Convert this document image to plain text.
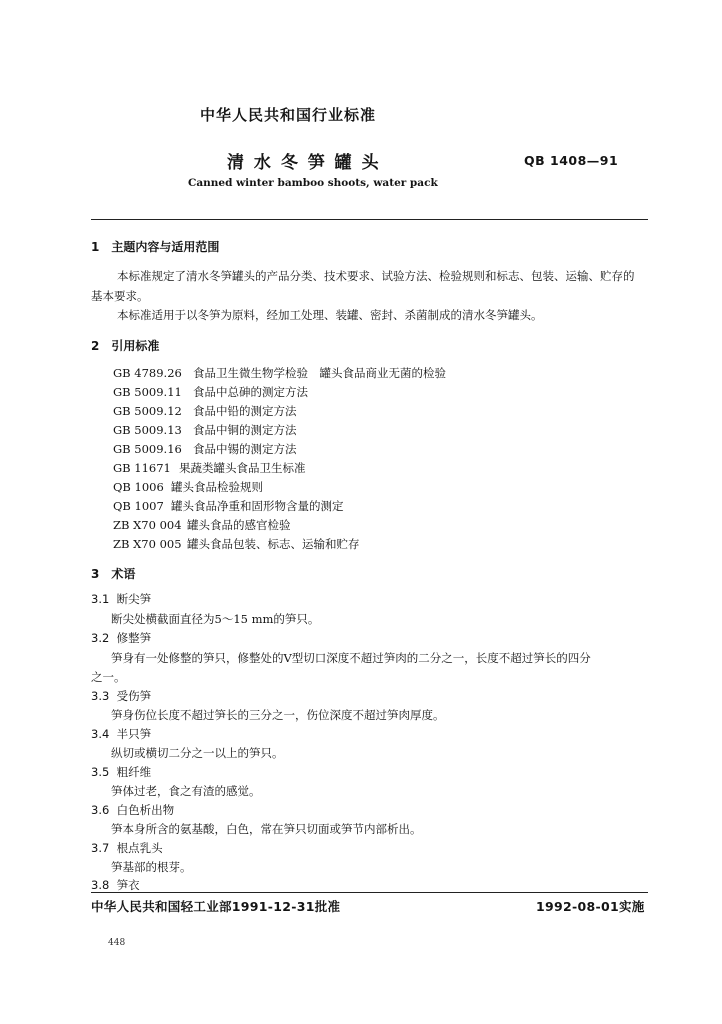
中华人民共和国行业标准
清 水 冬 笋 罐 头	QB 1408—91
Canned winter bamboo shoots, water pack
1　主题内容与适用范围
本标准规定了清水冬笋罐头的产品分类、技术要求、试验方法、检验规则和标志、包装、运输、贮存的
基本要求。
本标准适用于以冬笋为原料，经加工处理、装罐、密封、杀菌制成的清水冬笋罐头。
2　引用标准
GB 4789.26 食品卫生微生物学检验　罐头食品商业无菌的检验
GB 5009.11 食品中总砷的测定方法
GB 5009.12 食品中铅的测定方法
GB 5009.13 食品中铜的测定方法
GB 5009.16 食品中锡的测定方法
GB 11671 果蔬类罐头食品卫生标准
QB 1006 罐头食品检验规则
QB 1007 罐头食品净重和固形物含量的测定
ZB X70 004 罐头食品的感官检验
ZB X70 005 罐头食品包装、标志、运输和贮存
3　术语
3.1 断尖笋
断尖处横截面直径为5～15 mm的笋只。
3.2 修整笋
笋身有一处修整的笋只，修整处的V型切口深度不超过笋肉的二分之一，长度不超过笋长的四分
之一。
3.3 受伤笋
笋身伤位长度不超过笋长的三分之一，伤位深度不超过笋肉厚度。
3.4 半只笋
纵切或横切二分之一以上的笋只。
3.5 粗纤维
笋体过老，食之有渣的感觉。
3.6 白色析出物
笋本身所含的氨基酸，白色，常在笋只切面或笋节内部析出。
3.7 根点乳头
笋基部的根芽。
3.8 笋衣
中华人民共和国轻工业部1991-12-31批准	1992-08-01实施
448
